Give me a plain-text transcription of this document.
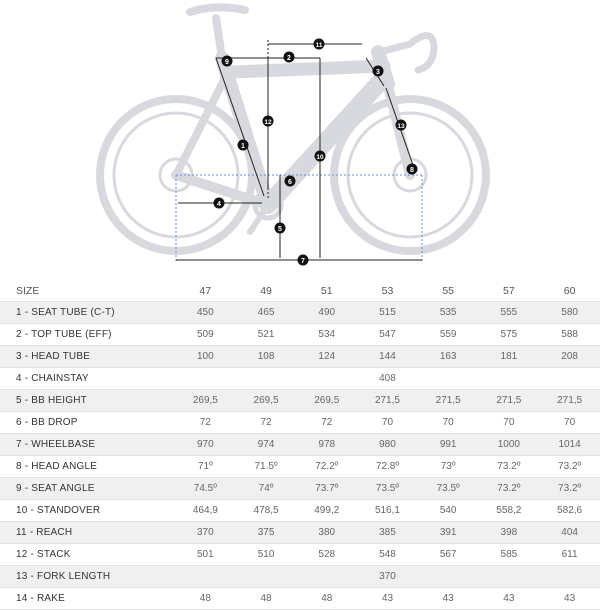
1
2
3
4
5
6
7
8
9
10
11
12
13
SIZE	47	49	51	53	55	57	60
1 - SEAT TUBE (C-T)	450	465	490	515	535	555	580
2 - TOP TUBE (EFF)	509	521	534	547	559	575	588
3 - HEAD TUBE	100	108	124	144	163	181	208
4 - CHAINSTAY				408			
5 - BB HEIGHT	269,5	269,5	269,5	271,5	271,5	271,5	271,5
6 - BB DROP	72	72	72	70	70	70	70
7 - WHEELBASE	970	974	978	980	991	1000	1014
8 - HEAD ANGLE	71º	71.5º	72.2º	72.8º	73º	73.2º	73.2º
9 - SEAT ANGLE	74.5º	74º	73.7º	73.5º	73.5º	73.2º	73.2º
10 - STANDOVER	464,9	478,5	499,2	516,1	540	558,2	582,6
11 - REACH	370	375	380	385	391	398	404
12 - STACK	501	510	528	548	567	585	611
13 - FORK LENGTH				370			
14 - RAKE	48	48	48	43	43	43	43
